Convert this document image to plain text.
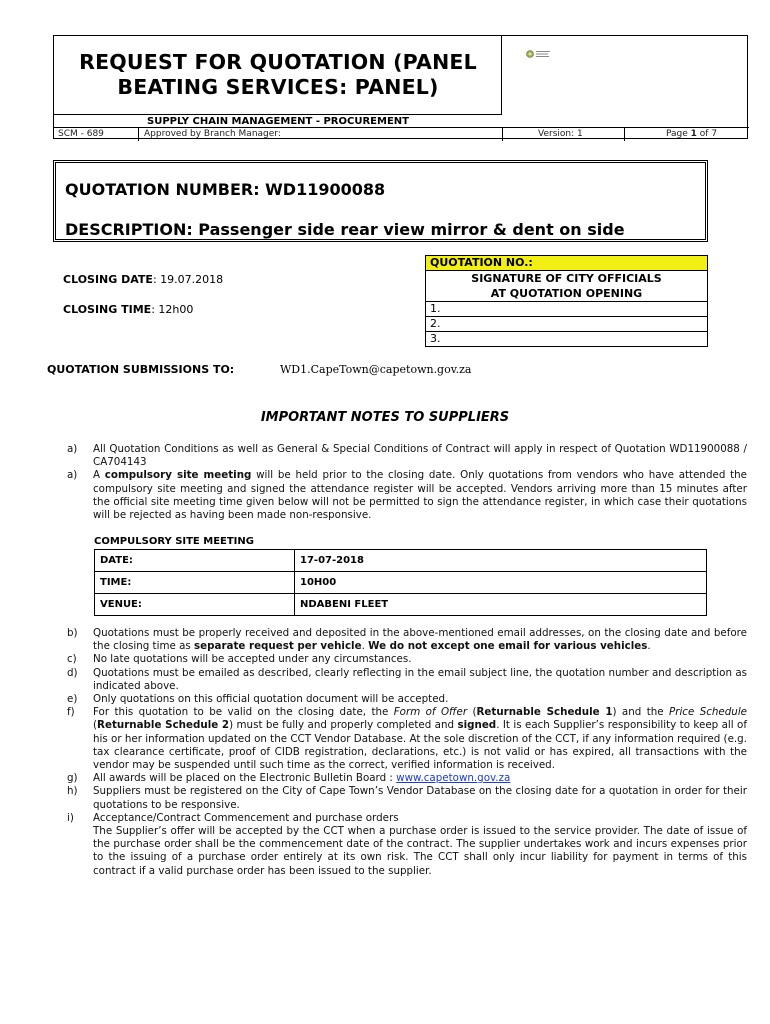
REQUEST FOR QUOTATION (PANEL
BEATING SERVICES: PANEL)
SUPPLY CHAIN MANAGEMENT - PROCUREMENT
SCM - 689	Approved by Branch Manager:	Version: 1	Page 1 of 7
QUOTATION NUMBER: WD11900088
DESCRIPTION: Passenger side rear view mirror & dent on side
CLOSING DATE: 19.07.2018
CLOSING TIME: 12h00
QUOTATION NO.:

SIGNATURE OF CITY OFFICIALS
AT QUOTATION OPENING

1.
2.
3.
QUOTATION SUBMISSIONS TO:	WD1.CapeTown@capetown.gov.za
IMPORTANT NOTES TO SUPPLIERS
a) All Quotation Conditions as well as General & Special Conditions of Contract will apply in respect of Quotation WD11900088 / CA704143
a) A compulsory site meeting will be held prior to the closing date. Only quotations from vendors who have attended the compulsory site meeting and signed the attendance register will be accepted. Vendors arriving more than 15 minutes after the official site meeting time given below will not be permitted to sign the attendance register, in which case their quotations will be rejected as having been made non-responsive.
COMPULSORY SITE MEETING
DATE:	17-07-2018
TIME:	10H00
VENUE:	NDABENI FLEET
b) Quotations must be properly received and deposited in the above-mentioned email addresses, on the closing date and before the closing time as separate request per vehicle. We do not except one email for various vehicles.
c) No late quotations will be accepted under any circumstances.
d) Quotations must be emailed as described, clearly reflecting in the email subject line, the quotation number and description as indicated above.
e) Only quotations on this official quotation document will be accepted.
f) For this quotation to be valid on the closing date, the Form of Offer (Returnable Schedule 1) and the Price Schedule (Returnable Schedule 2) must be fully and properly completed and signed. It is each Supplier’s responsibility to keep all of his or her information updated on the CCT Vendor Database. At the sole discretion of the CCT, if any information required (e.g. tax clearance certificate, proof of CIDB registration, declarations, etc.) is not valid or has expired, all transactions with the vendor may be suspended until such time as the correct, verified information is received.
g) All awards will be placed on the Electronic Bulletin Board : www.capetown.gov.za
h) Suppliers must be registered on the City of Cape Town’s Vendor Database on the closing date for a quotation in order for their quotations to be responsive.
i) Acceptance/Contract Commencement and purchase orders
The Supplier’s offer will be accepted by the CCT when a purchase order is issued to the service provider. The date of issue of the purchase order shall be the commencement date of the contract. The supplier undertakes work and incurs expenses prior to the issuing of a purchase order entirely at its own risk. The CCT shall only incur liability for payment in terms of this contract if a valid purchase order has been issued to the supplier.
